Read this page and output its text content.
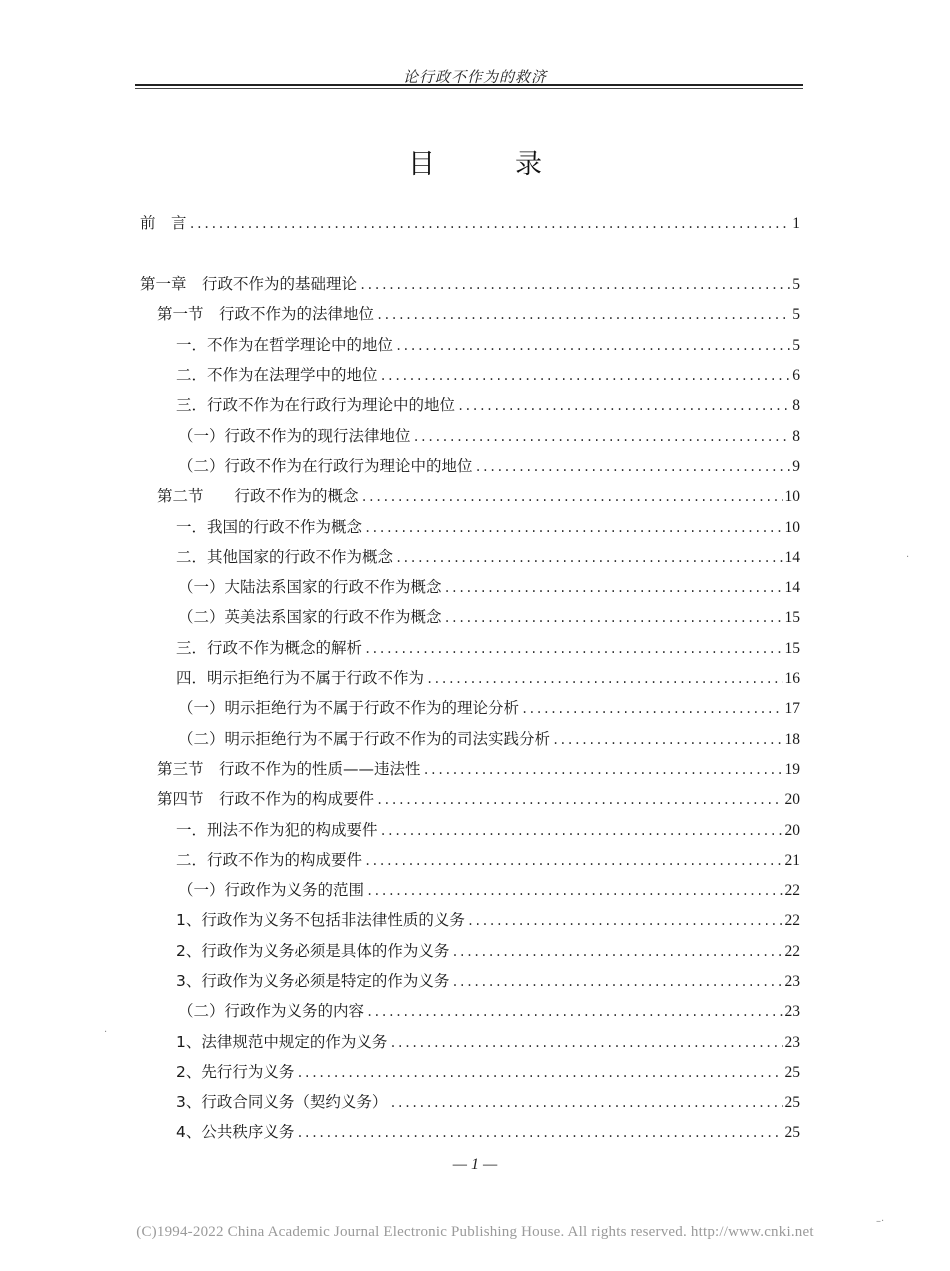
论行政不作为的救济
目录
前　言 .....	1
第一章　行政不作为的基础理论 .....	5
第一节　行政不作为的法律地位 .....	5
一．不作为在哲学理论中的地位 .....	5
二．不作为在法理学中的地位 .....	6
三．行政不作为在行政行为理论中的地位 .....	8
（一）行政不作为的现行法律地位 .....	8
（二）行政不作为在行政行为理论中的地位 .....	9
第二节　　行政不作为的概念 .....	10
一．我国的行政不作为概念 .....	10
二．其他国家的行政不作为概念 .....	14
（一）大陆法系国家的行政不作为概念 .....	14
（二）英美法系国家的行政不作为概念 .....	15
三．行政不作为概念的解析 .....	15
四．明示拒绝行为不属于行政不作为 .....	16
（一）明示拒绝行为不属于行政不作为的理论分析 .....	17
（二）明示拒绝行为不属于行政不作为的司法实践分析 .....	18
第三节　行政不作为的性质——违法性 .....	19
第四节　行政不作为的构成要件 .....	20
一．刑法不作为犯的构成要件 .....	20
二．行政不作为的构成要件 .....	21
（一）行政作为义务的范围 .....	22
1、行政作为义务不包括非法律性质的义务 .....	22
2、行政作为义务必须是具体的作为义务 .....	22
3、行政作为义务必须是特定的作为义务 .....	23
（二）行政作为义务的内容 .....	23
1、法律规范中规定的作为义务 .....	23
2、先行行为义务 .....	25
3、行政合同义务（契约义务） .....	25
4、公共秩序义务 .....	25
— 1 —
(C)1994-2022 China Academic Journal Electronic Publishing House. All rights reserved. http://www.cnki.net
·
·
–·
